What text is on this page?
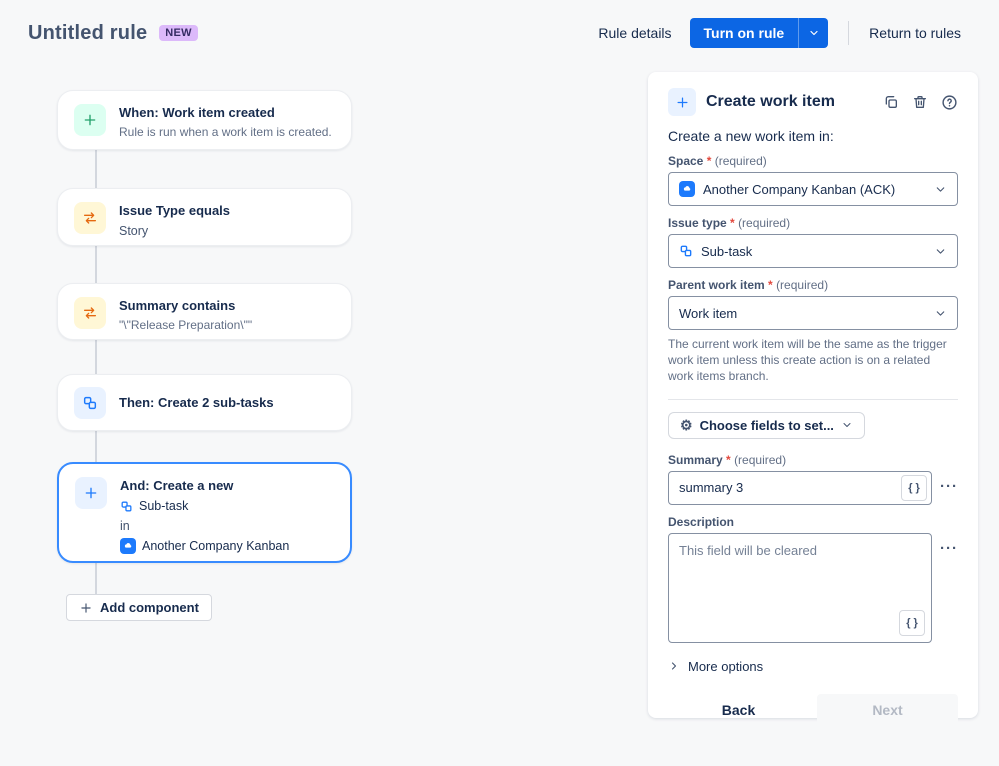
Untitled rule	NEW	Rule details	Turn on rule	Return to rules
When: Work item created
Rule is run when a work item is created.
Issue Type equals
Story
Summary contains
"\"Release Preparation\""
Then: Create 2 sub-tasks
And: Create a new
Sub-task
in
Another Company Kanban
Add component
Create work item
Create a new work item in:
Space * (required)
Another Company Kanban (ACK)
Issue type * (required)
Sub-task
Parent work item * (required)
Work item
The current work item will be the same as the trigger work item unless this create action is on a related work items branch.
⚙ Choose fields to set...
Summary * (required)
summary 3
{ }	···
Description
This field will be cleared
{ }
···
More options
Back	Next
